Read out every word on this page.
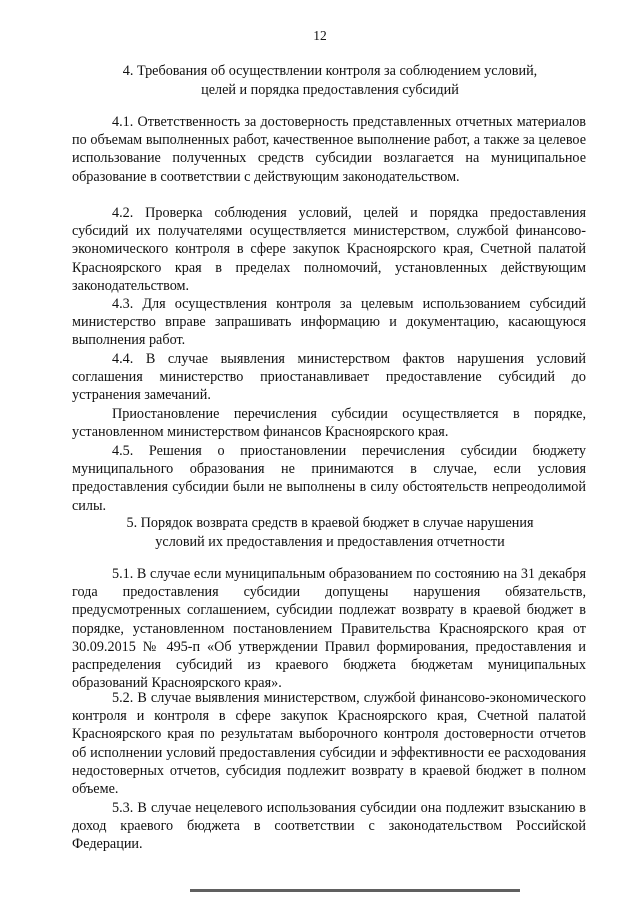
12
4. Требования об осуществлении контроля за соблюдением условий,
целей и порядка предоставления субсидий

4.1. Ответственность за достоверность представленных отчетных материалов по объемам выполненных работ, качественное выполнение работ, а также за целевое использование полученных средств субсидии возлагается на муниципальное образование в соответствии с действующим законодательством.

4.2. Проверка соблюдения условий, целей и порядка предоставления субсидий их получателями осуществляется министерством, службой финансово-экономического контроля в сфере закупок Красноярского края, Счетной палатой Красноярского края в пределах полномочий, установленных действующим законодательством.

4.3. Для осуществления контроля за целевым использованием субсидий министерство вправе запрашивать информацию и документацию, касающуюся выполнения работ.

4.4. В случае выявления министерством фактов нарушения условий соглашения министерство приостанавливает предоставление субсидий до устранения замечаний.

Приостановление перечисления субсидии осуществляется в порядке, установленном министерством финансов Красноярского края.

4.5. Решения о приостановлении перечисления субсидии бюджету муниципального образования не принимаются в случае, если условия предоставления субсидии были не выполнены в силу обстоятельств непреодолимой силы.

5. Порядок возврата средств в краевой бюджет в случае нарушения
условий их предоставления и предоставления отчетности

5.1. В случае если муниципальным образованием по состоянию на 31 декабря года предоставления субсидии допущены нарушения обязательств, предусмотренных соглашением, субсидии подлежат возврату в краевой бюджет в порядке, установленном постановлением Правительства Красноярского края от 30.09.2015 № 495-п «Об утверждении Правил формирования, предоставления и распределения субсидий из краевого бюджета бюджетам муниципальных образований Красноярского края».

5.2. В случае выявления министерством, службой финансово-экономического контроля и контроля в сфере закупок Красноярского края, Счетной палатой Красноярского края по результатам выборочного контроля достоверности отчетов об исполнении условий предоставления субсидии и эффективности ее расходования недостоверных отчетов, субсидия подлежит возврату в краевой бюджет в полном объеме.

5.3. В случае нецелевого использования субсидии она подлежит взысканию в доход краевого бюджета в соответствии с законодательством Российской Федерации.
